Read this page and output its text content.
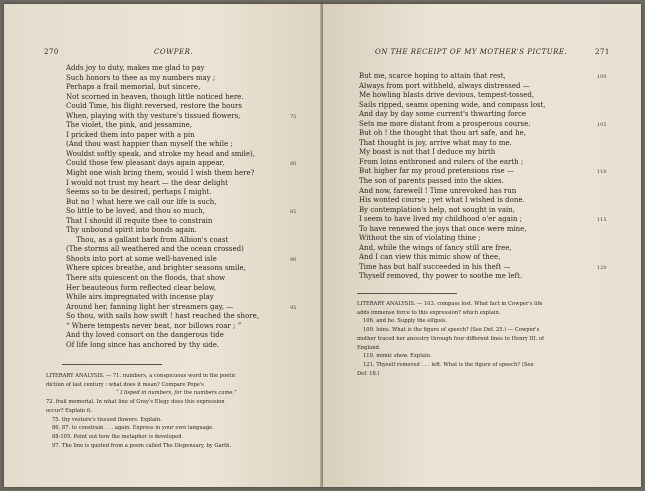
270	COWPER.
Adds joy to duty, makes me glad to pay
Such honors to thee as my numbers may ;
Perhaps a frail memorial, but sincere,
Not scorned in heaven, though little noticed here.
Could Time, his flight reversed, restore the hours
When, playing with thy vesture's tissued flowers,	75
The violet, the pink, and jessamine,
I pricked them into paper with a pin
(And thou wast happier than myself the while ;
Wouldst softly speak, and stroke my head and smile),
Could those few pleasant days again appear,	80
Might one wish bring them, would I wish them here?
I would not trust my heart — the dear delight
Seems so to be desired, perhaps I might.
But no ! what here we call our life is such,
So little to be loved, and thou so much,	85
That I should ill requite thee to constrain
Thy unbound spirit into bonds again.
Thou, as a gallant bark from Albion's coast
(The storms all weathered and the ocean crossed)
Shoots into port at some well-havened isle	90
Where spices breathe, and brighter seasons smile,
There sits quiescent on the floods, that show
Her beauteous form reflected clear below,
While airs impregnated with incense play
Around her, fanning light her streamers gay, —	95
So thou, with sails how swift ! hast reached the shore,
“ Where tempests never beat, nor billows roar ; ”
And thy loved consort on the dangerous tide
Of life long since has anchored by thy side.
LITERARY ANALYSIS. — 71. numbers, a conspicuous word in the poetic
diction of last century : what does it mean? Compare Pope's
“ I lisped in numbers, for the numbers came.”
72. frail memorial. In what line of Gray's Elegy does this expression
occur? Explain it.
75. thy vesture's tissued flowers. Explain.
86, 87. to constrain . . . again. Express in your own language.
88-105. Point out how the metaphor is developed.
97. The line is quoted from a poem called The Dispensary, by Garth.
ON THE RECEIPT OF MY MOTHER'S PICTURE.	271
But me, scarce hoping to attain that rest,	100
Always from port withheld, always distressed —
Me howling blasts drive devious, tempest-tossed,
Sails ripped, seams opening wide, and compass lost,
And day by day some current's thwarting force
Sets me more distant from a prosperous course.	105
But oh ! the thought that thou art safe, and he,
That thought is joy, arrive what may to me.
My boast is not that I deduce my birth
From loins enthroned and rulers of the earth ;
But higher far my proud pretensions rise —	110
The son of parents passed into the skies.
And now, farewell ! Time unrevoked has run
His wonted course ; yet what I wished is done.
By contemplation's help, not sought in vain,
I seem to have lived my childhood o'er again ;	115
To have renewed the joys that once were mine,
Without the sin of violating thine ;
And, while the wings of fancy still are free,
And I can view this mimic show of thee,
Time has but half succeeded in his theft —	120
Thyself removed, thy power to soothe me left.
LITERARY ANALYSIS. — 103. compass lost. What fact in Cowper's life
adds immense force to this expression? which explain.
106. and he. Supply the ellipsis.
109. loins. What is the figure of speech? (See Def. 25.) — Cowper's
mother traced her ancestry through four different lines to Henry III. of
England.
119. mimic show. Explain.
121. Thyself removed . . . left. What is the figure of speech? (See
Def. 18.)
